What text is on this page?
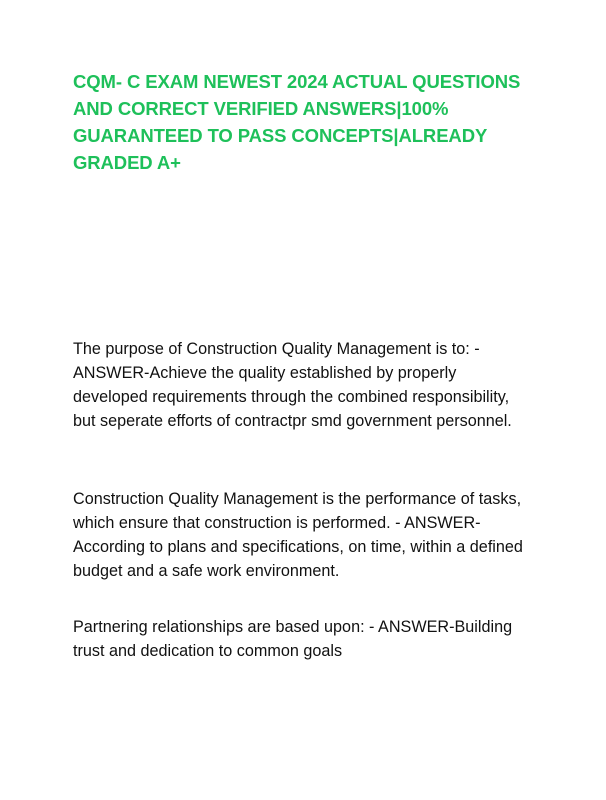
CQM- C EXAM NEWEST 2024 ACTUAL QUESTIONS AND CORRECT VERIFIED ANSWERS|100% GUARANTEED TO PASS CONCEPTS|ALREADY GRADED A+

The purpose of Construction Quality Management is to: - ANSWER-Achieve the quality established by properly developed requirements through the combined responsibility, but seperate efforts of contractpr smd government personnel.

Construction Quality Management is the performance of tasks, which ensure that construction is performed. - ANSWER-According to plans and specifications, on time, within a defined budget and a safe work environment.

Partnering relationships are based upon: - ANSWER-Building trust and dedication to common goals
